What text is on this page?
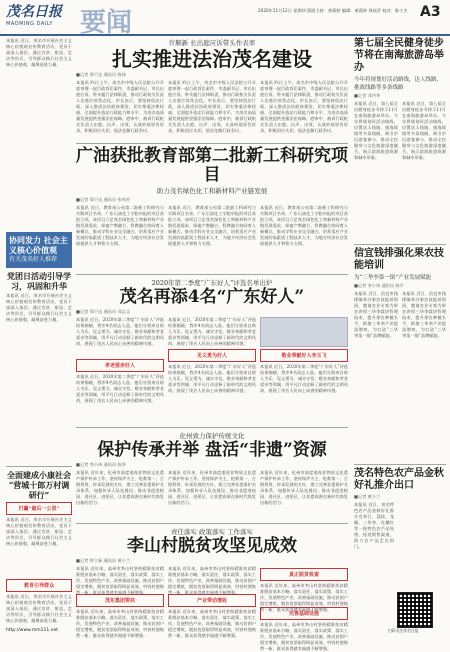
茂名日报
MAOMING DAILY	要闻	2020年11月12日 星期四 版面主持：黄燕婷 编辑：黄燕婷 周桂萍 校对：陈小杰 A3
本报讯 近日，茂名市开展社会主义核心价值观宣传教育活动，党员干部深入基层，通过宣讲、座谈、走访等形式，引导群众践行社会主义核心价值观，凝聚奋进力量。
协同发力 社会主义核心价值观
有关茂名好人推荐
党团日活动引导学习，巩固和升华
本报讯 近日，茂名市开展社会主义核心价值观宣传教育活动，党员干部深入基层，通过宣讲、座谈、走访等形式，引导群众践行社会主义核心价值观，凝聚奋进力量。
全面建成小康社会 “营城十郎万村调研行”
打赢“最后一公里”
本报讯 近日，茂名市开展社会主义核心价值观宣传教育活动，党员干部深入基层，通过宣讲、座谈、走访等形式，引导群众践行社会主义核心价值观，凝聚奋进力量。
教育引导群众
本报讯 近日，茂名市开展社会主义核心价值观宣传教育活动，党员干部深入基层，通过宣讲、座谈、走访等形式，引导群众践行社会主义核心价值观，凝聚奋进力量。

许顺新 长出庭应诉带头作表率

扎实推进法治茂名建设
■记者 郑干达 通讯员 陈伟
本报讯 昨日上午，茂名市中级人民法院公开开庭审理一起行政诉讼案件，市委副书记、市长出庭应诉，带头履行法律职责，推动行政机关负责人出庭应诉常态化。市长表示，要坚持依法行政，深入推进法治政府建设，切实尊重法律权威，全面提升依法行政能力和水平，为茂名高质量发展提供坚强法治保障。庭审中，被诉行政机关负责人出庭、出声、出效，认真听取原告诉求，积极回应关切，依法化解行政争议。
本报讯 昨日上午，茂名市中级人民法院公开开庭审理一起行政诉讼案件，市委副书记、市长出庭应诉，带头履行法律职责，推动行政机关负责人出庭应诉常态化。市长表示，要坚持依法行政，深入推进法治政府建设，切实尊重法律权威，全面提升依法行政能力和水平，为茂名高质量发展提供坚强法治保障。庭审中，被诉行政机关负责人出庭、出声、出效，认真听取原告诉求，积极回应关切，依法化解行政争议。
本报讯 昨日上午，茂名市中级人民法院公开开庭审理一起行政诉讼案件，市委副书记、市长出庭应诉，带头履行法律职责，推动行政机关负责人出庭应诉常态化。市长表示，要坚持依法行政，深入推进法治政府建设，切实尊重法律权威，全面提升依法行政能力和水平，为茂名高质量发展提供坚强法治保障。庭审中，被诉行政机关负责人出庭、出声、出效，认真听取原告诉求，积极回应关切，依法化解行政争议。
广油获批教育部第二批新工科研究项目

助力茂名绿色化工和新材料产业链发展

■记者 郑干达 通讯员 张伟杰
本报讯 近日，教育部公布第二批新工科研究与实践项目名单，广东石油化工学院申报的项目获批立项。该项目立足茂名绿色化工和新材料产业链发展需求，探索产教融合、科教融合协同育人新模式，推动学科专业交叉融合，培养适应产业发展的高素质工程技术人才，为地方经济社会发展提供人才和智力支撑。
本报讯 近日，教育部公布第二批新工科研究与实践项目名单，广东石油化工学院申报的项目获批立项。该项目立足茂名绿色化工和新材料产业链发展需求，探索产教融合、科教融合协同育人新模式，推动学科专业交叉融合，培养适应产业发展的高素质工程技术人才，为地方经济社会发展提供人才和智力支撑。
本报讯 近日，教育部公布第二批新工科研究与实践项目名单，广东石油化工学院申报的项目获批立项。该项目立足茂名绿色化工和新材料产业链发展需求，探索产教融合、科教融合协同育人新模式，推动学科专业交叉融合，培养适应产业发展的高素质工程技术人才，为地方经济社会发展提供人才和智力支撑。

2020年第二季度“广东好人”评选名单出炉

茂名再添4名“广东好人”
■记者 郑干达 通讯员 邓志文
本报讯 近日，2020年第二季度“广东好人”评选结果揭晓，我市4名同志入选。他们分别来自助人为乐、见义勇为、诚实守信、敬业奉献和孝老爱亲等领域，用平凡行动诠释了新时代的文明风尚，展现了茂名人民向上向善的精神风貌。
孝老爱亲好人
本报讯 近日，2020年第二季度“广东好人”评选结果揭晓，我市4名同志入选。他们分别来自助人为乐、见义勇为、诚实守信、敬业奉献和孝老爱亲等领域，用平凡行动诠释了新时代的文明风尚，展现了茂名人民向上向善的精神风貌。
本报讯 近日，2020年第二季度“广东好人”评选结果揭晓，我市4名同志入选。他们分别来自助人为乐、见义勇为、诚实守信、敬业奉献和孝老爱亲等领域，用平凡行动诠释了新时代的文明风尚，展现了茂名人民向上向善的精神风貌。
见义勇为好人
本报讯 近日，2020年第二季度“广东好人”评选结果揭晓，我市4名同志入选。他们分别来自助人为乐、见义勇为、诚实守信、敬业奉献和孝老爱亲等领域，用平凡行动诠释了新时代的文明风尚，展现了茂名人民向上向善的精神风貌。
敬业奉献好人李玉飞
本报讯 近日，2020年第二季度“广东好人”评选结果揭晓，我市4名同志入选。他们分别来自助人为乐、见义勇为、诚实守信、敬业奉献和孝老爱亲等领域，用平凡行动诠释了新时代的文明风尚，展现了茂名人民向上向善的精神风貌。

化州致力保护传统文化

保护传承并举 盘活“非遗”资源
■记者 李小伟 通讯员 陈华
本报讯 近年来，化州市高度重视非物质文化遗产保护传承工作，坚持保护为主、抢救第一、合理利用、传承发展的方针，建立完善非遗保护名录体系，加强传承人队伍建设，推动非遗进校园、进社区、进景区，让非遗资源在新时代焕发出新的活力。
本报讯 近年来，化州市高度重视非物质文化遗产保护传承工作，坚持保护为主、抢救第一、合理利用、传承发展的方针，建立完善非遗保护名录体系，加强传承人队伍建设，推动非遗进校园、进社区、进景区，让非遗资源在新时代焕发出新的活力。
本报讯 近年来，化州市高度重视非物质文化遗产保护传承工作，坚持保护为主、抢救第一、合理利用、传承发展的方针，建立完善非遗保护名录体系，加强传承人队伍建设，推动非遗进校园、进社区、进景区，让非遗资源在新时代焕发出新的活力。

责任落实 政策落实 工作落实

李山村脱贫攻坚见成效
■记者 钟立新 通讯员 黄小兰
本报讯 近年来，高州市李山村坚持精准扶贫精准脱贫基本方略，落实责任、落实政策、落实工作，发展特色产业，改善基础设施，推动贫困户稳定增收，脱贫攻坚取得明显成效，村容村貌焕然一新，群众获得感幸福感不断增强。
茂东集团帮扶
本报讯 近年来，高州市李山村坚持精准扶贫精准脱贫基本方略，落实责任、落实政策、落实工作，发展特色产业，改善基础设施，推动贫困户稳定增收，脱贫攻坚取得明显成效，村容村貌焕然一新，群众获得感幸福感不断增强。
本报讯 近年来，高州市李山村坚持精准扶贫精准脱贫基本方略，落实责任、落实政策、落实工作，发展特色产业，改善基础设施，推动贫困户稳定增收，脱贫攻坚取得明显成效，村容村貌焕然一新，群众获得感幸福感不断增强。
产业带动增收
本报讯 近年来，高州市李山村坚持精准扶贫精准脱贫基本方略，落实责任、落实政策、落实工作，发展特色产业，改善基础设施，推动贫困户稳定增收，脱贫攻坚取得明显成效，村容村貌焕然一新，群众获得感幸福感不断增强。
真正脱贫致富
本报讯 近年来，高州市李山村坚持精准扶贫精准脱贫基本方略，落实责任、落实政策、落实工作，发展特色产业，改善基础设施，推动贫困户稳定增收，脱贫攻坚取得明显成效，村容村貌焕然一新，群众获得感幸福感不断增强。
完善基础设施
本报讯 近年来，高州市李山村坚持精准扶贫精准脱贫基本方略，落实责任、落实政策、落实工作，发展特色产业，改善基础设施，推动贫困户稳定增收，脱贫攻坚取得明显成效，村容村貌焕然一新，群众获得感幸福感不断增强。
第七届全民健身徒步节将在南海旅游岛举办
今年将规划好活动路线，达人线路、挑战线路等多条线路
■记者 邓丹华
本报讯 近日，第七届全民健身徒步节将于11月在南海旅游岛举办。今年将规划好活动路线，设置达人线路、挑战线路等多条线路，吸引市民游客参与，推动全民健身与文化旅游深度融合，展示滨海旅游资源和城市形象。
本报讯 近日，第七届全民健身徒步节将于11月在南海旅游岛举办。今年将规划好活动路线，设置达人线路、挑战线路等多条线路，吸引市民游客参与，推动全民健身与文化旅游深度融合，展示滨海旅游资源和城市形象。
信宜钱排强化果农技能培训
为“三华李第一镇”产业发展赋能
■记者 李小伟 通讯员 陈平
本报讯 近日，信宜市钱排镇举办果农技能培训班，邀请农业专家为果农讲授三华李栽培管理技术，提升果农种植水平，助推三华李产业提质增效，为打造“三华李第一镇”品牌赋能。
本报讯 近日，信宜市钱排镇举办果农技能培训班，邀请农业专家为果农讲授三华李栽培管理技术，提升果农种植水平，助推三华李产业提质增效，为打造“三华李第一镇”品牌赋能。
茂名特色农产品金秋好礼推介出口
■记者 黄小兰
本报讯 近日，茂名特色农产品金秋好礼推介会举行，荔枝、龙眼、三华李、化橘红等一批特色农产品亮相，拓宽销售渠道，助力农产品走出国门。
http://www.mm111.net	扫码关注茂名日报
